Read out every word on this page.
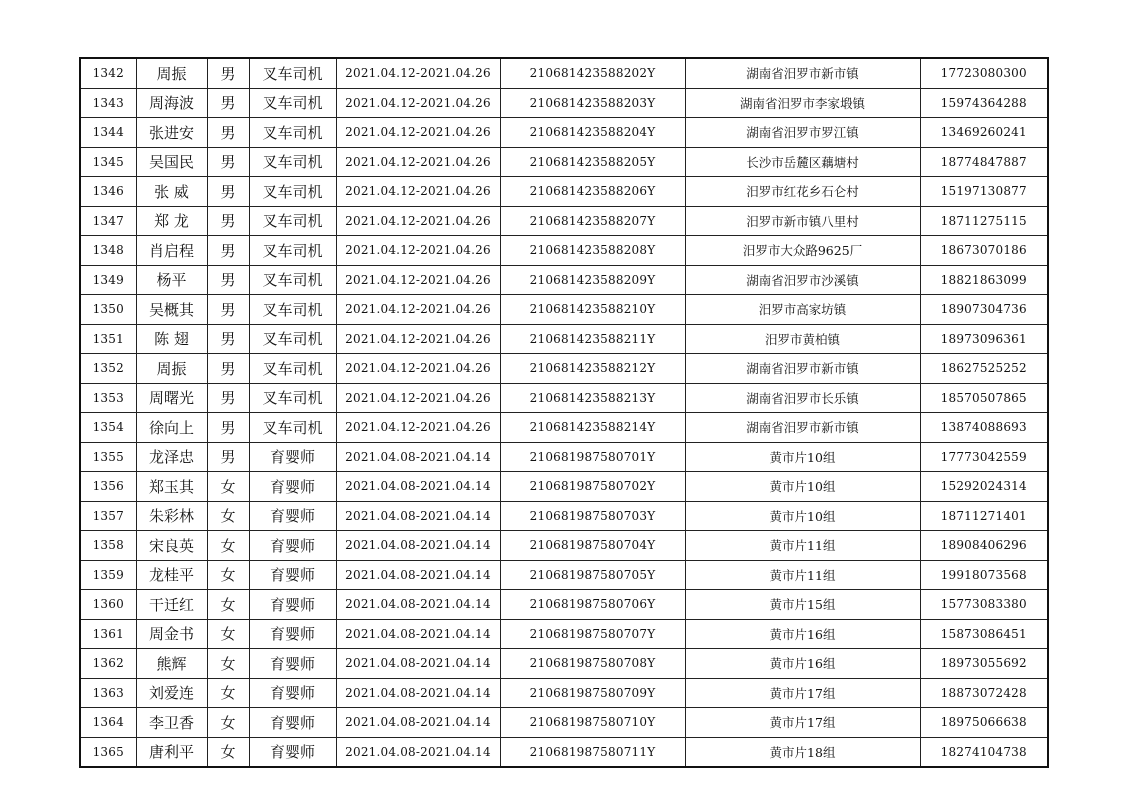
1342	周振	男	叉车司机	2021.04.12-2021.04.26	210681423588202Y	湖南省汨罗市新市镇	17723080300
1343	周海波	男	叉车司机	2021.04.12-2021.04.26	210681423588203Y	湖南省汨罗市李家塅镇	15974364288
1344	张进安	男	叉车司机	2021.04.12-2021.04.26	210681423588204Y	湖南省汨罗市罗江镇	13469260241
1345	吴国民	男	叉车司机	2021.04.12-2021.04.26	210681423588205Y	长沙市岳麓区藕塘村	18774847887
1346	张 威	男	叉车司机	2021.04.12-2021.04.26	210681423588206Y	汨罗市红花乡石仑村	15197130877
1347	郑 龙	男	叉车司机	2021.04.12-2021.04.26	210681423588207Y	汨罗市新市镇八里村	18711275115
1348	肖启程	男	叉车司机	2021.04.12-2021.04.26	210681423588208Y	汨罗市大众路9625厂	18673070186
1349	杨平	男	叉车司机	2021.04.12-2021.04.26	210681423588209Y	湖南省汨罗市沙溪镇	18821863099
1350	吴概其	男	叉车司机	2021.04.12-2021.04.26	210681423588210Y	汨罗市高家坊镇	18907304736
1351	陈 翅	男	叉车司机	2021.04.12-2021.04.26	210681423588211Y	汨罗市黄柏镇	18973096361
1352	周振	男	叉车司机	2021.04.12-2021.04.26	210681423588212Y	湖南省汨罗市新市镇	18627525252
1353	周曙光	男	叉车司机	2021.04.12-2021.04.26	210681423588213Y	湖南省汨罗市长乐镇	18570507865
1354	徐向上	男	叉车司机	2021.04.12-2021.04.26	210681423588214Y	湖南省汨罗市新市镇	13874088693
1355	龙泽忠	男	育婴师	2021.04.08-2021.04.14	210681987580701Y	黄市片10组	17773042559
1356	郑玉其	女	育婴师	2021.04.08-2021.04.14	210681987580702Y	黄市片10组	15292024314
1357	朱彩林	女	育婴师	2021.04.08-2021.04.14	210681987580703Y	黄市片10组	18711271401
1358	宋良英	女	育婴师	2021.04.08-2021.04.14	210681987580704Y	黄市片11组	18908406296
1359	龙桂平	女	育婴师	2021.04.08-2021.04.14	210681987580705Y	黄市片11组	19918073568
1360	干迁红	女	育婴师	2021.04.08-2021.04.14	210681987580706Y	黄市片15组	15773083380
1361	周金书	女	育婴师	2021.04.08-2021.04.14	210681987580707Y	黄市片16组	15873086451
1362	熊辉	女	育婴师	2021.04.08-2021.04.14	210681987580708Y	黄市片16组	18973055692
1363	刘爱连	女	育婴师	2021.04.08-2021.04.14	210681987580709Y	黄市片17组	18873072428
1364	李卫香	女	育婴师	2021.04.08-2021.04.14	210681987580710Y	黄市片17组	18975066638
1365	唐利平	女	育婴师	2021.04.08-2021.04.14	210681987580711Y	黄市片18组	18274104738
